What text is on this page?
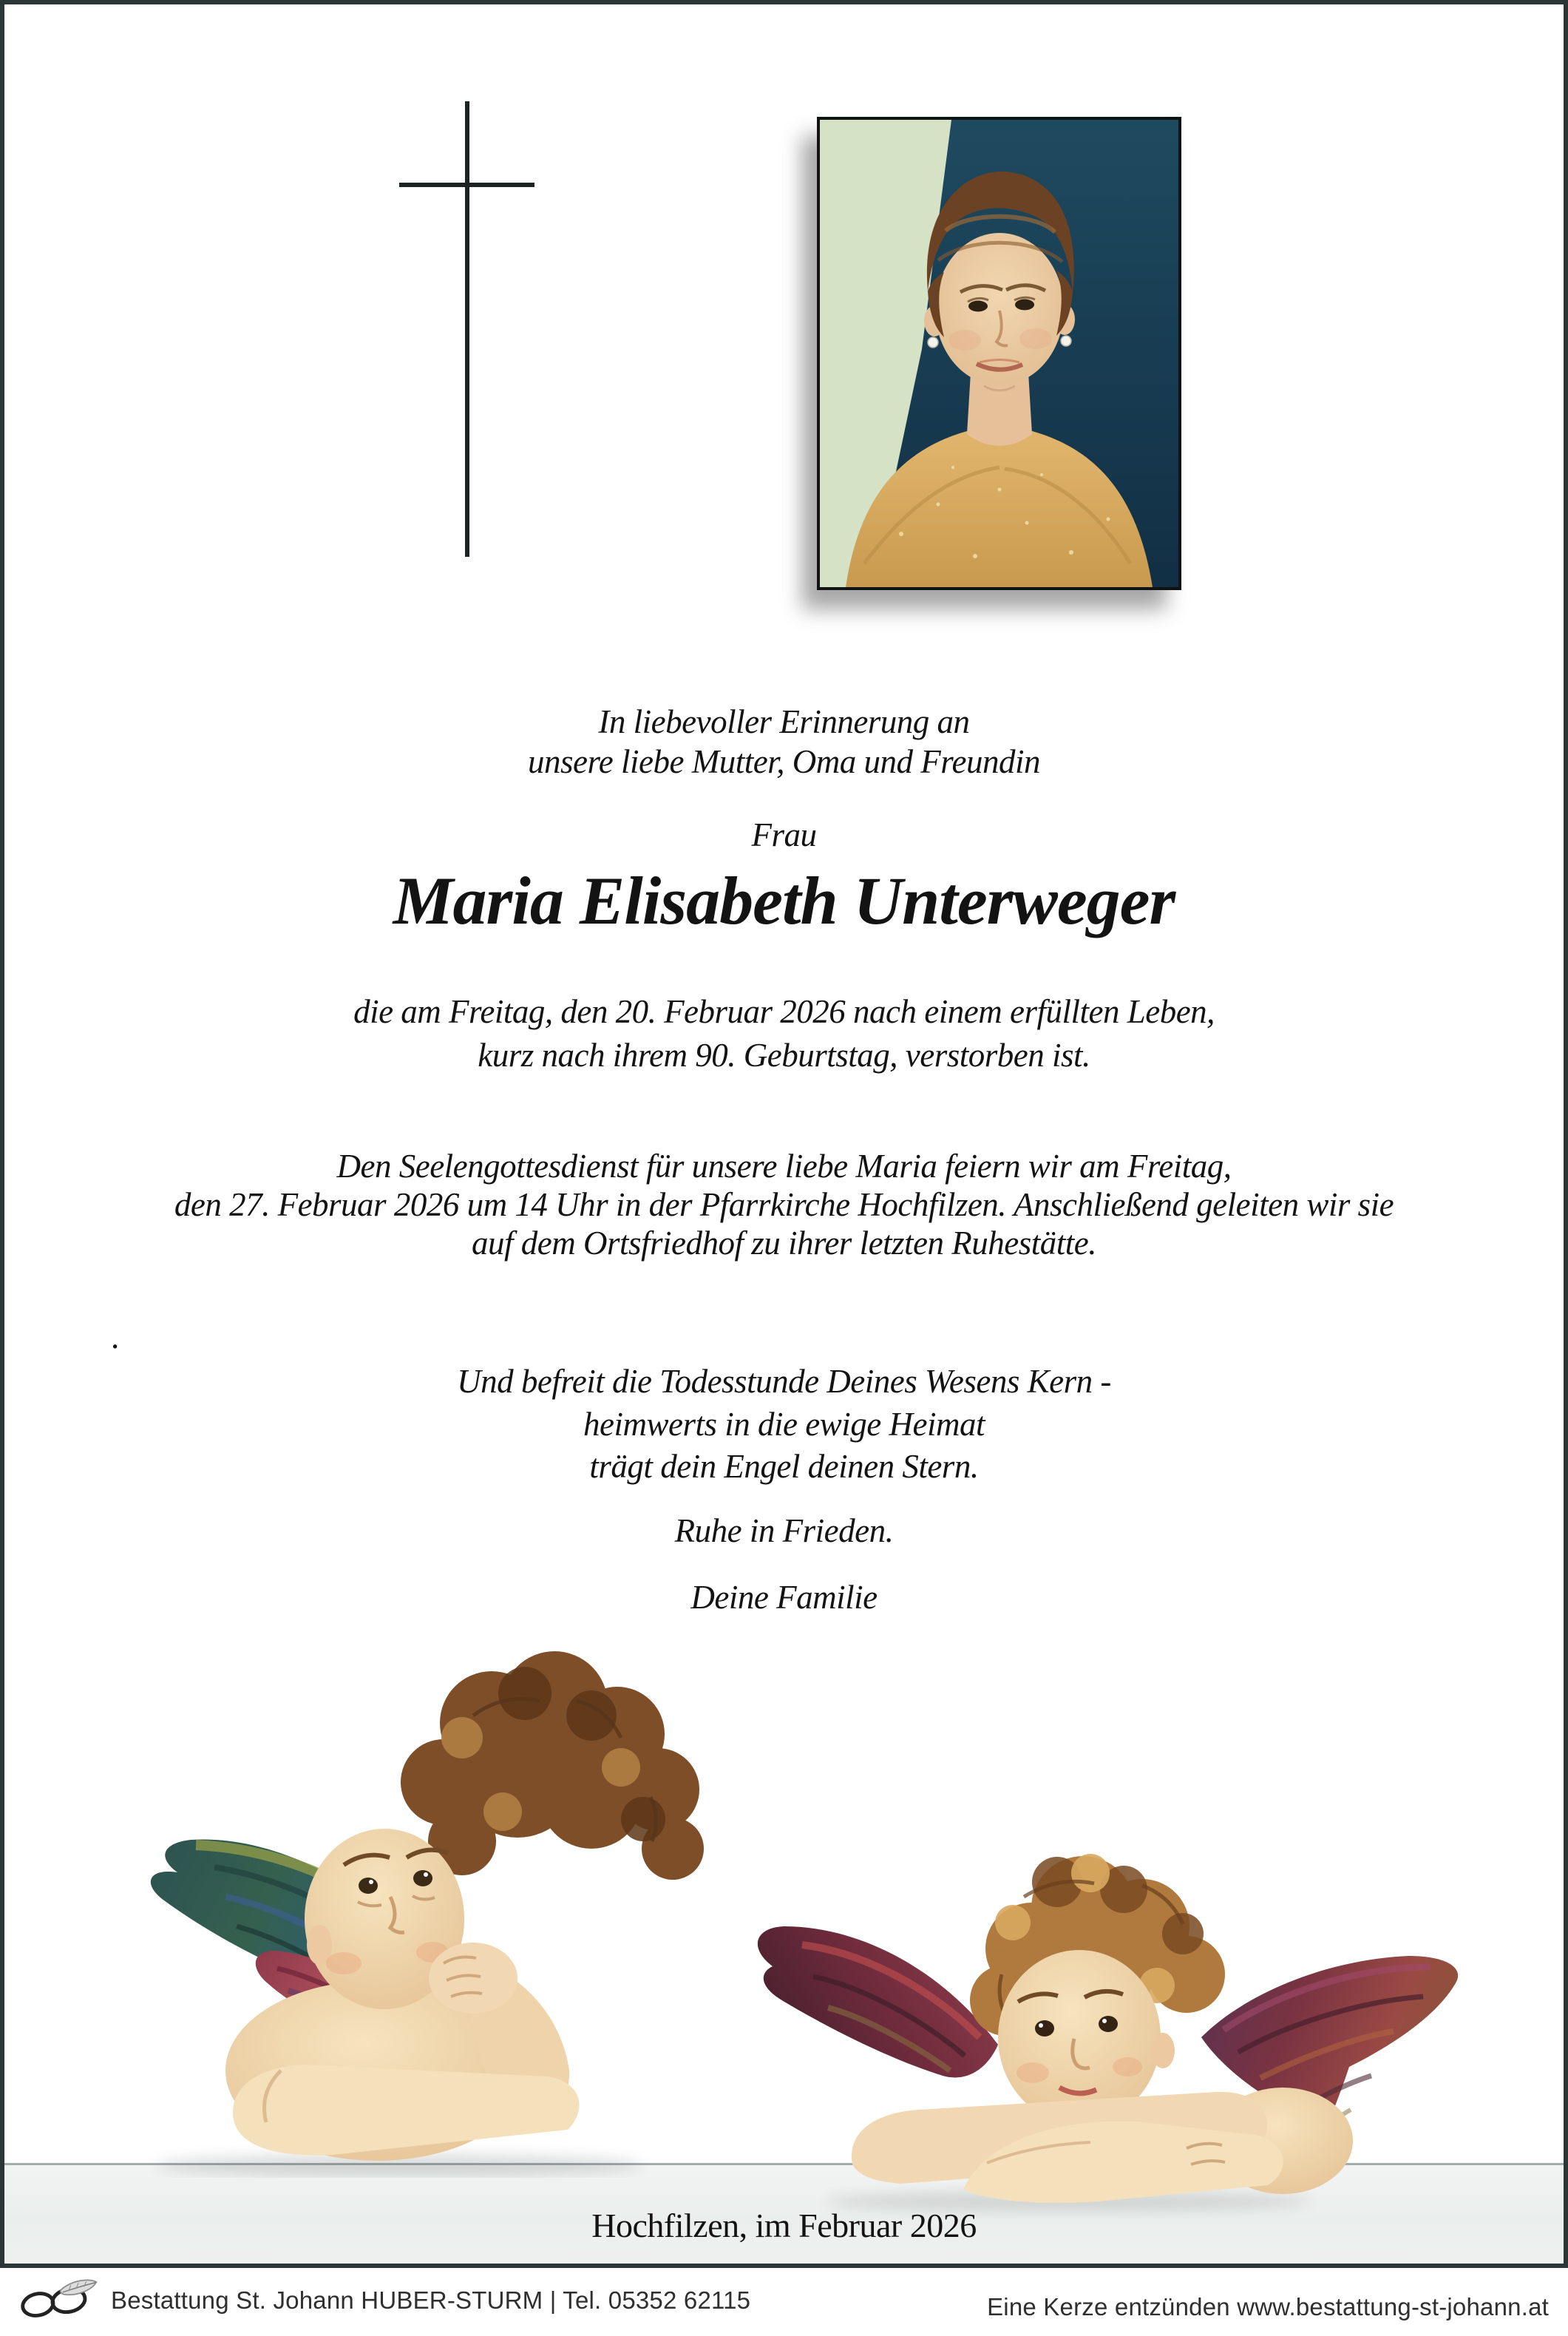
In liebevoller Erinnerung an
unsere liebe Mutter, Oma und Freundin
Frau
Maria Elisabeth Unterweger
die am Freitag, den 20. Februar 2026 nach einem erfüllten Leben,
kurz nach ihrem 90. Geburtstag, verstorben ist.
Den Seelengottesdienst für unsere liebe Maria feiern wir am Freitag,
den 27. Februar 2026 um 14 Uhr in der Pfarrkirche Hochfilzen. Anschließend geleiten wir sie
auf dem Ortsfriedhof zu ihrer letzten Ruhestätte.
.
Und befreit die Todesstunde Deines Wesens Kern -
heimwerts in die ewige Heimat
trägt dein Engel deinen Stern.
Ruhe in Frieden.
Deine Familie
Hochfilzen, im Februar 2026
Bestattung St. Johann HUBER-STURM | Tel. 05352 62115	Eine Kerze entzünden www.bestattung-st-johann.at
